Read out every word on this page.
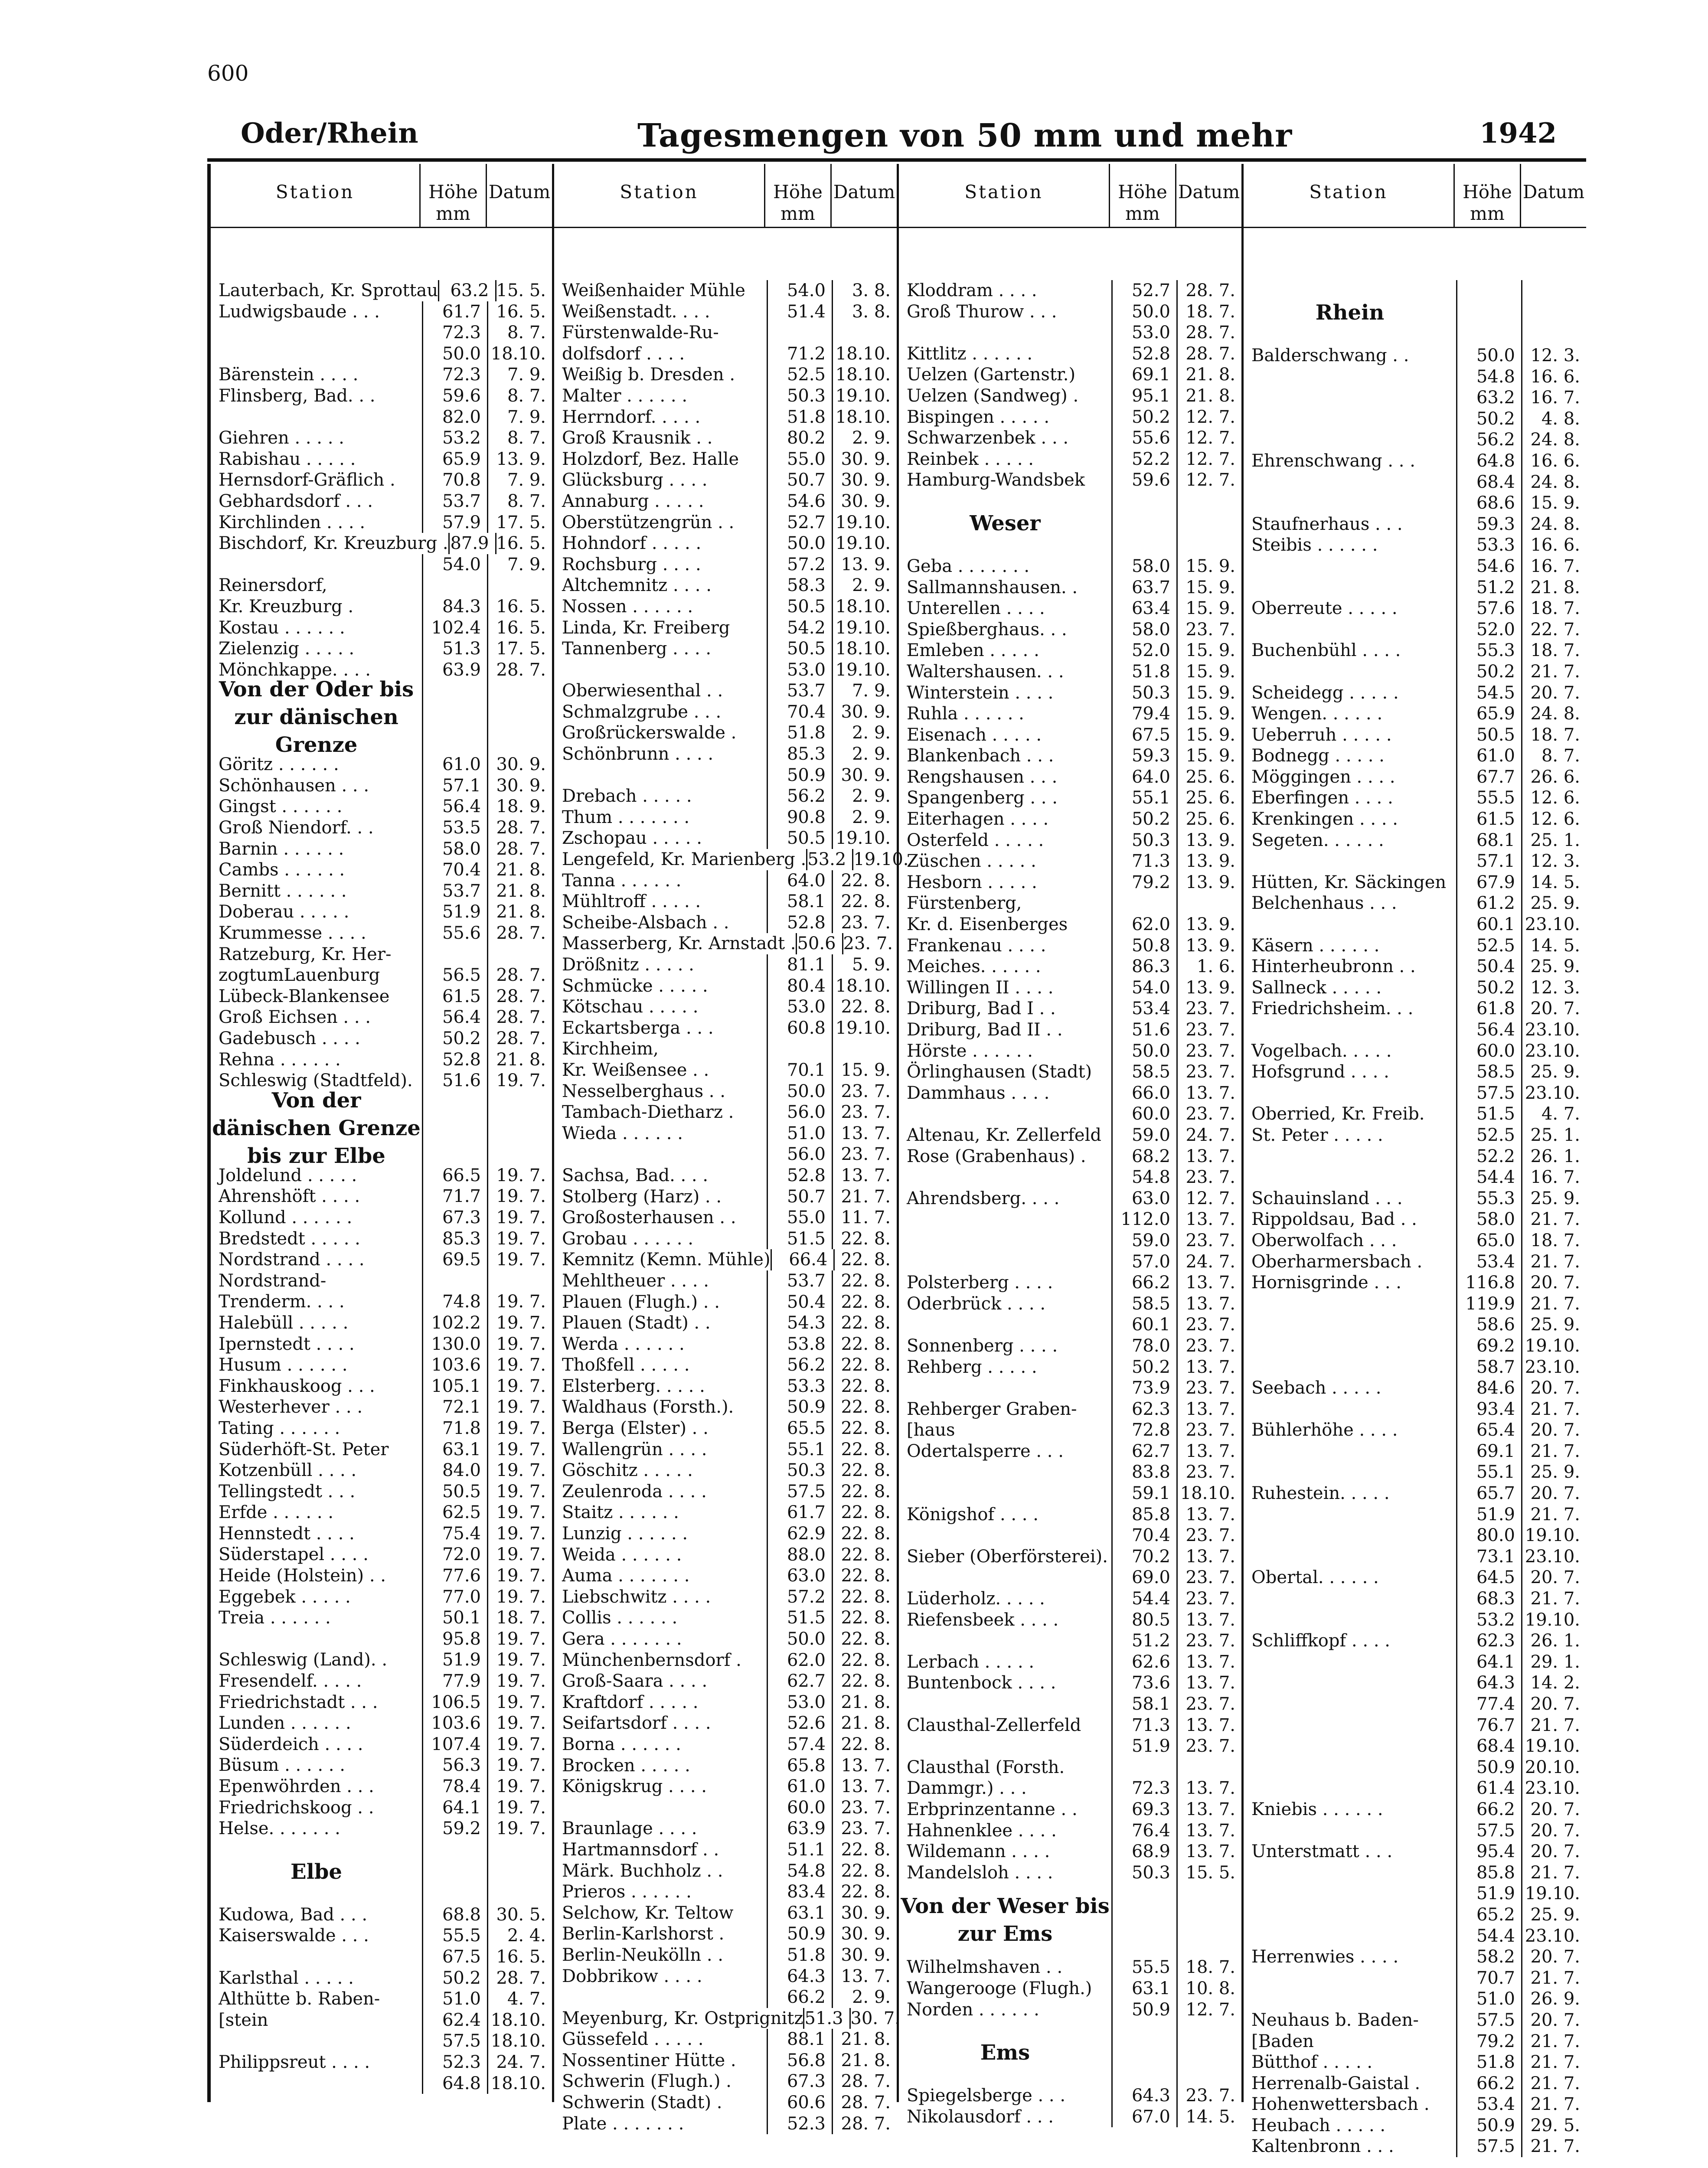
600
Oder/Rhein	Tagesmengen von 50 mm und mehr	1942
Station	Höhe mm
Datum
Lauterbach, Kr. Sprottau 63.2 15. 5.
Ludwigsbaude . . .	61.7 16. 5.
72.3	8. 7.
50.0 18.10.
Bärenstein . . . .	72.3	7. 9.
Flinsberg, Bad. . .	59.6	8. 7.
82.0	7. 9.
Giehren . . . . .	53.2	8. 7.
Rabishau . . . . .	65.9 13. 9.
Hernsdorf-Gräflich .	70.8	7. 9.
Gebhardsdorf . . .	53.7	8. 7.
Kirchlinden . . . .	57.9 17. 5.
Bischdorf, Kr. Kreuzburg . 87.9 16. 5.
54.0	7. 9.
Reinersdorf,
Kr. Kreuzburg .	84.3 16. 5.
Kostau . . . . . .	102.4 16. 5.
Zielenzig . . . . .	51.3 17. 5.
Mönchkappe. . . .	63.9 28. 7.
Von der Oder bis zur dänischen Grenze
Göritz . . . . . .	61.0 30. 9.
Schönhausen . . .	57.1 30. 9.
Gingst . . . . . .	56.4 18. 9.
Groß Niendorf. . .	53.5 28. 7.
Barnin . . . . . .	58.0 28. 7.
Cambs . . . . . .	70.4 21. 8.
Bernitt . . . . . .	53.7 21. 8.
Doberau . . . . .	51.9 21. 8.
Krummesse . . . .	55.6 28. 7.
Ratzeburg, Kr. Her-
zogtumLauenburg	56.5 28. 7.
Lübeck-Blankensee	61.5 28. 7.
Groß Eichsen . . .	56.4 28. 7.
Gadebusch . . . .	50.2 28. 7.
Rehna . . . . . .	52.8 21. 8.
Schleswig (Stadtfeld).	51.6 19. 7.
Von der dänischen Grenze bis zur Elbe
Joldelund . . . . .	66.5 19. 7.
Ahrenshöft . . . .	71.7 19. 7.
Kollund . . . . . .	67.3 19. 7.
Bredstedt . . . . .	85.3 19. 7.
Nordstrand . . . .	69.5 19. 7.
Nordstrand-
Trenderm. . . .	74.8 19. 7.
Halebüll . . . . .	102.2 19. 7.
Ipernstedt . . . .	130.0 19. 7.
Husum . . . . . .	103.6 19. 7.
Finkhauskoog . . .	105.1 19. 7.
Westerhever . . .	72.1 19. 7.
Tating . . . . . .	71.8 19. 7.
Süderhöft-St. Peter	63.1 19. 7.
Kotzenbüll . . . .	84.0 19. 7.
Tellingstedt . . .	50.5 19. 7.
Erfde . . . . . .	62.5 19. 7.
Hennstedt . . . .	75.4 19. 7.
Süderstapel . . . .	72.0 19. 7.
Heide (Holstein) . .	77.6 19. 7.
Eggebek . . . . .	77.0 19. 7.
Treia . . . . . .	50.1 18. 7.
95.8 19. 7.
Schleswig (Land). .	51.9 19. 7.
Fresendelf. . . . .	77.9 19. 7.
Friedrichstadt . . .	106.5 19. 7.
Lunden . . . . . .	103.6 19. 7.
Süderdeich . . . .	107.4 19. 7.
Büsum . . . . . .	56.3 19. 7.
Epenwöhrden . . .	78.4 19. 7.
Friedrichskoog . .	64.1 19. 7.
Helse. . . . . . .	59.2 19. 7.
Elbe
Kudowa, Bad . . .	68.8 30. 5.
Kaiserswalde . . .	55.5	2. 4.
67.5 16. 5.
Karlsthal . . . . .	50.2 28. 7.
Althütte b. Raben-	51.0	4. 7.
[stein	62.4 18.10.
57.5 18.10.
Philippsreut . . . .	52.3 24. 7.
64.8 18.10.
Station	Höhe mm
Datum
Weißenhaider Mühle	54.0	3. 8.
Weißenstadt. . . .	51.4	3. 8.
Fürstenwalde-Ru-
dolfsdorf . . . .	71.2 18.10.
Weißig b. Dresden .	52.5 18.10.
Malter . . . . . .	50.3 19.10.
Herrndorf. . . . .	51.8 18.10.
Groß Krausnik . .	80.2	2. 9.
Holzdorf, Bez. Halle	55.0 30. 9.
Glücksburg . . . .	50.7 30. 9.
Annaburg . . . . .	54.6 30. 9.
Oberstützengrün . .	52.7 19.10.
Hohndorf . . . . .	50.0 19.10.
Rochsburg . . . .	57.2 13. 9.
Altchemnitz . . . .	58.3	2. 9.
Nossen . . . . . .	50.5 18.10.
Linda, Kr. Freiberg	54.2 19.10.
Tannenberg . . . .	50.5 18.10.
53.0 19.10.
Oberwiesenthal . .	53.7	7. 9.
Schmalzgrube . . .	70.4 30. 9.
Großrückerswalde .	51.8	2. 9.
Schönbrunn . . . .	85.3	2. 9.
50.9 30. 9.
Drebach . . . . .	56.2	2. 9.
Thum . . . . . . .	90.8	2. 9.
Zschopau . . . . .	50.5 19.10.
Lengefeld, Kr. Marienberg . 53.2 19.10.
Tanna . . . . . .	64.0 22. 8.
Mühltroff . . . . .	58.1 22. 8.
Scheibe-Alsbach . .	52.8 23. 7.
Masserberg, Kr. Arnstadt . 50.6 23. 7.
Drößnitz . . . . .	81.1	5. 9.
Schmücke . . . . .	80.4 18.10.
Kötschau . . . . .	53.0 22. 8.
Eckartsberga . . .	60.8 19.10.
Kirchheim,
Kr. Weißensee . .	70.1 15. 9.
Nesselberghaus . .	50.0 23. 7.
Tambach-Dietharz .	56.0 23. 7.
Wieda . . . . . .	51.0 13. 7.
56.0 23. 7.
Sachsa, Bad. . . .	52.8 13. 7.
Stolberg (Harz) . .	50.7 21. 7.
Großosterhausen . .	55.0 11. 7.
Grobau . . . . . .	51.5 22. 8.
Kemnitz (Kemn. Mühle)	66.4 22. 8.
Mehltheuer . . . .	53.7 22. 8.
Plauen (Flugh.) . .	50.4 22. 8.
Plauen (Stadt) . .	54.3 22. 8.
Werda . . . . . .	53.8 22. 8.
Thoßfell . . . . .	56.2 22. 8.
Elsterberg. . . . .	53.3 22. 8.
Waldhaus (Forsth.).	50.9 22. 8.
Berga (Elster) . .	65.5 22. 8.
Wallengrün . . . .	55.1 22. 8.
Göschitz . . . . .	50.3 22. 8.
Zeulenroda . . . .	57.5 22. 8.
Staitz . . . . . .	61.7 22. 8.
Lunzig . . . . . .	62.9 22. 8.
Weida . . . . . .	88.0 22. 8.
Auma . . . . . . .	63.0 22. 8.
Liebschwitz . . . .	57.2 22. 8.
Collis . . . . . .	51.5 22. 8.
Gera . . . . . . .	50.0 22. 8.
Münchenbernsdorf .	62.0 22. 8.
Groß-Saara . . . .	62.7 22. 8.
Kraftdorf . . . . .	53.0 21. 8.
Seifartsdorf . . . .	52.6 21. 8.
Borna . . . . . .	57.4 22. 8.
Brocken . . . . .	65.8 13. 7.
Königskrug . . . .	61.0 13. 7.
60.0 23. 7.
Braunlage . . . .	63.9 23. 7.
Hartmannsdorf . .	51.1 22. 8.
Märk. Buchholz . .	54.8 22. 8.
Prieros . . . . . .	83.4 22. 8.
Selchow, Kr. Teltow	63.1 30. 9.
Berlin-Karlshorst .	50.9 30. 9.
Berlin-Neukölln . .	51.8 30. 9.
Dobbrikow . . . .	64.3 13. 7.
66.2	2. 9.
Meyenburg, Kr. Ostprignitz 51.3 30. 7.
Güssefeld . . . . .	88.1 21. 8.
Nossentiner Hütte .	56.8 21. 8.
Schwerin (Flugh.) .	67.3 28. 7.
Schwerin (Stadt) .	60.6 28. 7.
Plate . . . . . . .	52.3 28. 7.
Station	Höhe mm
Datum
Kloddram . . . .	52.7 28. 7.
Groß Thurow . . .	50.0 18. 7.
53.0 28. 7.
Kittlitz . . . . . .	52.8 28. 7.
Uelzen (Gartenstr.)	69.1 21. 8.
Uelzen (Sandweg) .	95.1 21. 8.
Bispingen . . . . .	50.2 12. 7.
Schwarzenbek . . .	55.6 12. 7.
Reinbek . . . . .	52.2 12. 7.
Hamburg-Wandsbek	59.6 12. 7.
Weser
Geba . . . . . . .	58.0 15. 9.
Sallmannshausen. .	63.7 15. 9.
Unterellen . . . .	63.4 15. 9.
Spießberghaus. . .	58.0 23. 7.
Emleben . . . . .	52.0 15. 9.
Waltershausen. . .	51.8 15. 9.
Winterstein . . . .	50.3 15. 9.
Ruhla . . . . . .	79.4 15. 9.
Eisenach . . . . .	67.5 15. 9.
Blankenbach . . .	59.3 15. 9.
Rengshausen . . .	64.0 25. 6.
Spangenberg . . .	55.1 25. 6.
Eiterhagen . . . .	50.2 25. 6.
Osterfeld . . . . .	50.3 13. 9.
Züschen . . . . .	71.3 13. 9.
Hesborn . . . . .	79.2 13. 9.
Fürstenberg,
Kr. d. Eisenberges	62.0 13. 9.
Frankenau . . . .	50.8 13. 9.
Meiches. . . . . .	86.3	1. 6.
Willingen II . . . .	54.0 13. 9.
Driburg, Bad I . .	53.4 23. 7.
Driburg, Bad II . .	51.6 23. 7.
Hörste . . . . . .	50.0 23. 7.
Örlinghausen (Stadt)	58.5 23. 7.
Dammhaus . . . .	66.0 13. 7.
60.0 23. 7.
Altenau, Kr. Zellerfeld	59.0 24. 7.
Rose (Grabenhaus) .	68.2 13. 7.
54.8 23. 7.
Ahrendsberg. . . .	63.0 12. 7.
112.0 13. 7.
59.0 23. 7.
57.0 24. 7.
Polsterberg . . . .	66.2 13. 7.
Oderbrück . . . .	58.5 13. 7.
60.1 23. 7.
Sonnenberg . . . .	78.0 23. 7.
Rehberg . . . . .	50.2 13. 7.
73.9 23. 7.
Rehberger Graben-	62.3 13. 7.
[haus	72.8 23. 7.
Odertalsperre . . .	62.7 13. 7.
83.8 23. 7.
59.1 18.10.
Königshof . . . .	85.8 13. 7.
70.4 23. 7.
Sieber (Oberförsterei).	70.2 13. 7.
69.0 23. 7.
Lüderholz. . . . .	54.4 23. 7.
Riefensbeek . . . .	80.5 13. 7.
51.2 23. 7.
Lerbach . . . . .	62.6 13. 7.
Buntenbock . . . .	73.6 13. 7.
58.1 23. 7.
Clausthal-Zellerfeld	71.3 13. 7.
51.9 23. 7.
Clausthal (Forsth.
Dammgr.) . . .	72.3 13. 7.
Erbprinzentanne . .	69.3 13. 7.
Hahnenklee . . . .	76.4 13. 7.
Wildemann . . . .	68.9 13. 7.
Mandelsloh . . . .	50.3 15. 5.
Von der Weser bis zur Ems
Wilhelmshaven . .	55.5 18. 7.
Wangerooge (Flugh.)	63.1 10. 8.
Norden . . . . . .	50.9 12. 7.
Ems
Spiegelsberge . . .	64.3 23. 7.
Nikolausdorf . . .	67.0 14. 5.
Station	Höhe mm
Datum
Rhein
Balderschwang . .	50.0 12. 3.
54.8 16. 6.
63.2 16. 7.
50.2	4. 8.
56.2 24. 8.
Ehrenschwang . . .	64.8 16. 6.
68.4 24. 8.
68.6 15. 9.
Staufnerhaus . . .	59.3 24. 8.
Steibis . . . . . .	53.3 16. 6.
54.6 16. 7.
51.2 21. 8.
Oberreute . . . . .	57.6 18. 7.
52.0 22. 7.
Buchenbühl . . . .	55.3 18. 7.
50.2 21. 7.
Scheidegg . . . . .	54.5 20. 7.
Wengen. . . . . .	65.9 24. 8.
Ueberruh . . . . .	50.5 18. 7.
Bodnegg . . . . .	61.0	8. 7.
Möggingen . . . .	67.7 26. 6.
Eberfingen . . . .	55.5 12. 6.
Krenkingen . . . .	61.5 12. 6.
Segeten. . . . . .	68.1 25. 1.
57.1 12. 3.
Hütten, Kr. Säckingen	67.9 14. 5.
Belchenhaus . . .	61.2 25. 9.
60.1 23.10.
Käsern . . . . . .	52.5 14. 5.
Hinterheubronn . .	50.4 25. 9.
Sallneck . . . . .	50.2 12. 3.
Friedrichsheim. . .	61.8 20. 7.
56.4 23.10.
Vogelbach. . . . .	60.0 23.10.
Hofsgrund . . . .	58.5 25. 9.
57.5 23.10.
Oberried, Kr. Freib.	51.5	4. 7.
St. Peter . . . . .	52.5 25. 1.
52.2 26. 1.
54.4 16. 7.
Schauinsland . . .	55.3 25. 9.
Rippoldsau, Bad . .	58.0 21. 7.
Oberwolfach . . .	65.0 18. 7.
Oberharmersbach .	53.4 21. 7.
Hornisgrinde . . .	116.8 20. 7.
119.9 21. 7.
58.6 25. 9.
69.2 19.10.
58.7 23.10.
Seebach . . . . .	84.6 20. 7.
93.4 21. 7.
Bühlerhöhe . . . .	65.4 20. 7.
69.1 21. 7.
55.1 25. 9.
Ruhestein. . . . .	65.7 20. 7.
51.9 21. 7.
80.0 19.10.
73.1 23.10.
Obertal. . . . . .	64.5 20. 7.
68.3 21. 7.
53.2 19.10.
Schliffkopf . . . .	62.3 26. 1.
64.1 29. 1.
64.3 14. 2.
77.4 20. 7.
76.7 21. 7.
68.4 19.10.
50.9 20.10.
61.4 23.10.
Kniebis . . . . . .	66.2 20. 7.
57.5 20. 7.
Unterstmatt . . .	95.4 20. 7.
85.8 21. 7.
51.9 19.10.
65.2 25. 9.
54.4 23.10.
Herrenwies . . . .	58.2 20. 7.
70.7 21. 7.
51.0 26. 9.
Neuhaus b. Baden-	57.5 20. 7.
[Baden	79.2 21. 7.
Bütthof . . . . .	51.8 21. 7.
Herrenalb-Gaistal .	66.2 21. 7.
Hohenwettersbach .	53.4 21. 7.
Heubach . . . . .	50.9 29. 5.
Kaltenbronn . . .	57.5 21. 7.
